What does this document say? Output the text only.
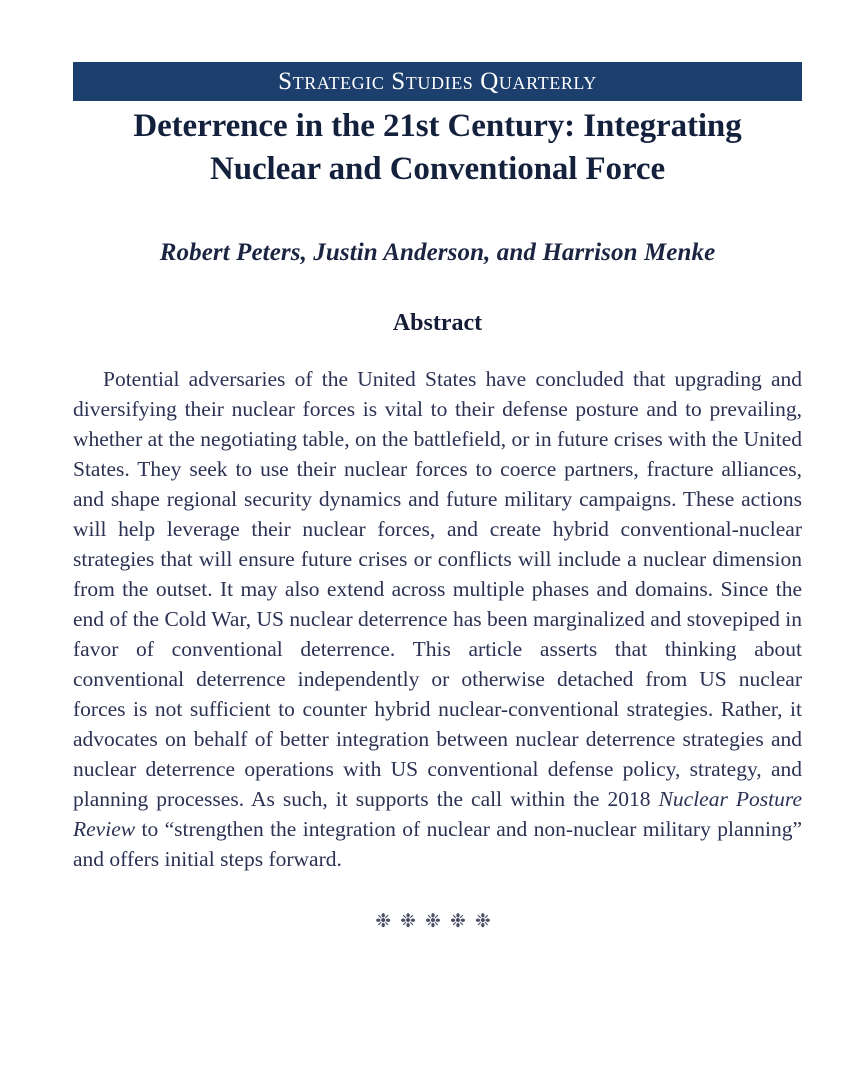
Strategic Studies Quarterly
Deterrence in the 21st Century: Integrating
Nuclear and Conventional Force
Robert Peters, Justin Anderson, and Harrison Menke
Abstract

Potential adversaries of the United States have concluded that upgrading and diversifying their nuclear forces is vital to their defense posture and to prevailing, whether at the negotiating table, on the battlefield, or in future crises with the United States. They seek to use their nuclear forces to coerce partners, fracture alliances, and shape regional security dynamics and future military campaigns. These actions will help leverage their nuclear forces, and create hybrid conventional-nuclear strategies that will ensure future crises or conflicts will include a nuclear dimension from the outset. It may also extend across multiple phases and domains. Since the end of the Cold War, US nuclear deterrence has been marginalized and stovepiped in favor of conventional deterrence. This article asserts that thinking about conventional deterrence independently or otherwise detached from US nuclear forces is not sufficient to counter hybrid nuclear-conventional strategies. Rather, it advocates on behalf of better integration between nuclear deterrence strategies and nuclear deterrence operations with US conventional defense policy, strategy, and planning processes. As such, it supports the call within the 2018 Nuclear Posture Review to “strengthen the integration of nuclear and non-nuclear military planning” and offers initial steps forward.

❉❉❉❉❉
